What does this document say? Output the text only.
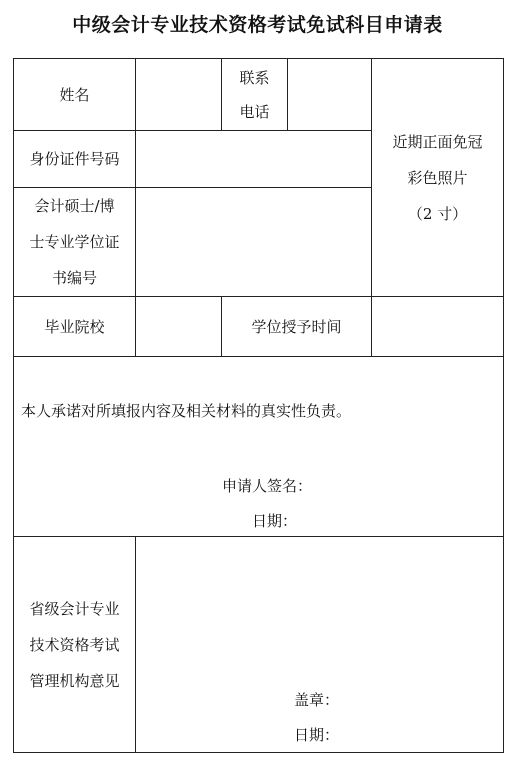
中级会计专业技术资格考试免试科目申请表
姓名
联系
电话
身份证件号码
会计硕士/博
士专业学位证
书编号
近期正面免冠
彩色照片
（2 寸）
毕业院校	学位授予时间
本人承诺对所填报内容及相关材料的真实性负责。
申请人签名：
日期：
省级会计专业
技术资格考试
管理机构意见
盖章：
日期：
